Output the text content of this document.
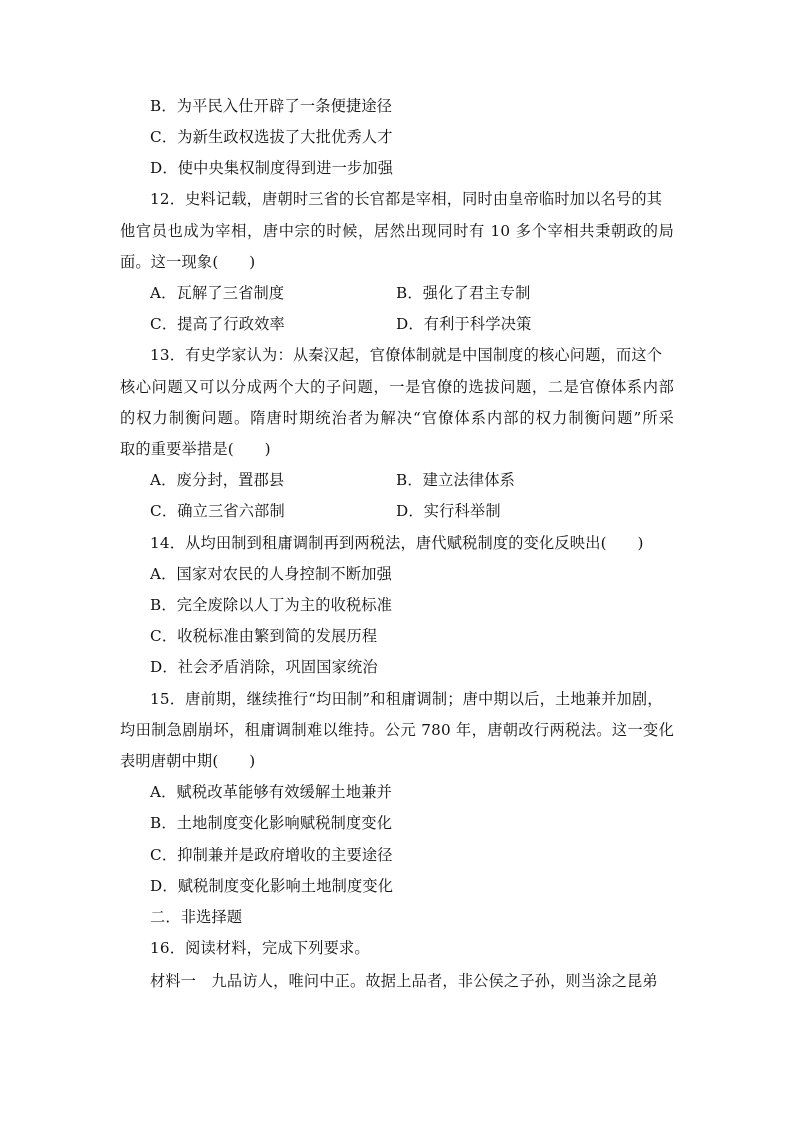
B．为平民入仕开辟了一条便捷途径
C．为新生政权选拔了大批优秀人才
D．使中央集权制度得到进一步加强
12．史料记载，唐朝时三省的长官都是宰相，同时由皇帝临时加以名号的其
他官员也成为宰相，唐中宗的时候，居然出现同时有 10 多个宰相共秉朝政的局
面。这一现象(　　)
A．瓦解了三省制度	B．强化了君主专制
C．提高了行政效率	D．有利于科学决策
13．有史学家认为：从秦汉起，官僚体制就是中国制度的核心问题，而这个
核心问题又可以分成两个大的子问题，一是官僚的选拔问题，二是官僚体系内部
的权力制衡问题。隋唐时期统治者为解决“官僚体系内部的权力制衡问题”所采
取的重要举措是(　　)
A．废分封，置郡县	B．建立法律体系
C．确立三省六部制	D．实行科举制
14．从均田制到租庸调制再到两税法，唐代赋税制度的变化反映出(　　)
A．国家对农民的人身控制不断加强
B．完全废除以人丁为主的收税标准
C．收税标准由繁到简的发展历程
D．社会矛盾消除，巩固国家统治
15．唐前期，继续推行“均田制”和租庸调制；唐中期以后，土地兼并加剧，
均田制急剧崩坏，租庸调制难以维持。公元 780 年，唐朝改行两税法。这一变化
表明唐朝中期(　　)
A．赋税改革能够有效缓解土地兼并
B．土地制度变化影响赋税制度变化
C．抑制兼并是政府增收的主要途径
D．赋税制度变化影响土地制度变化
二．非选择题
16．阅读材料，完成下列要求。
材料一　九品访人，唯问中正。故据上品者，非公侯之子孙，则当涂之昆弟
